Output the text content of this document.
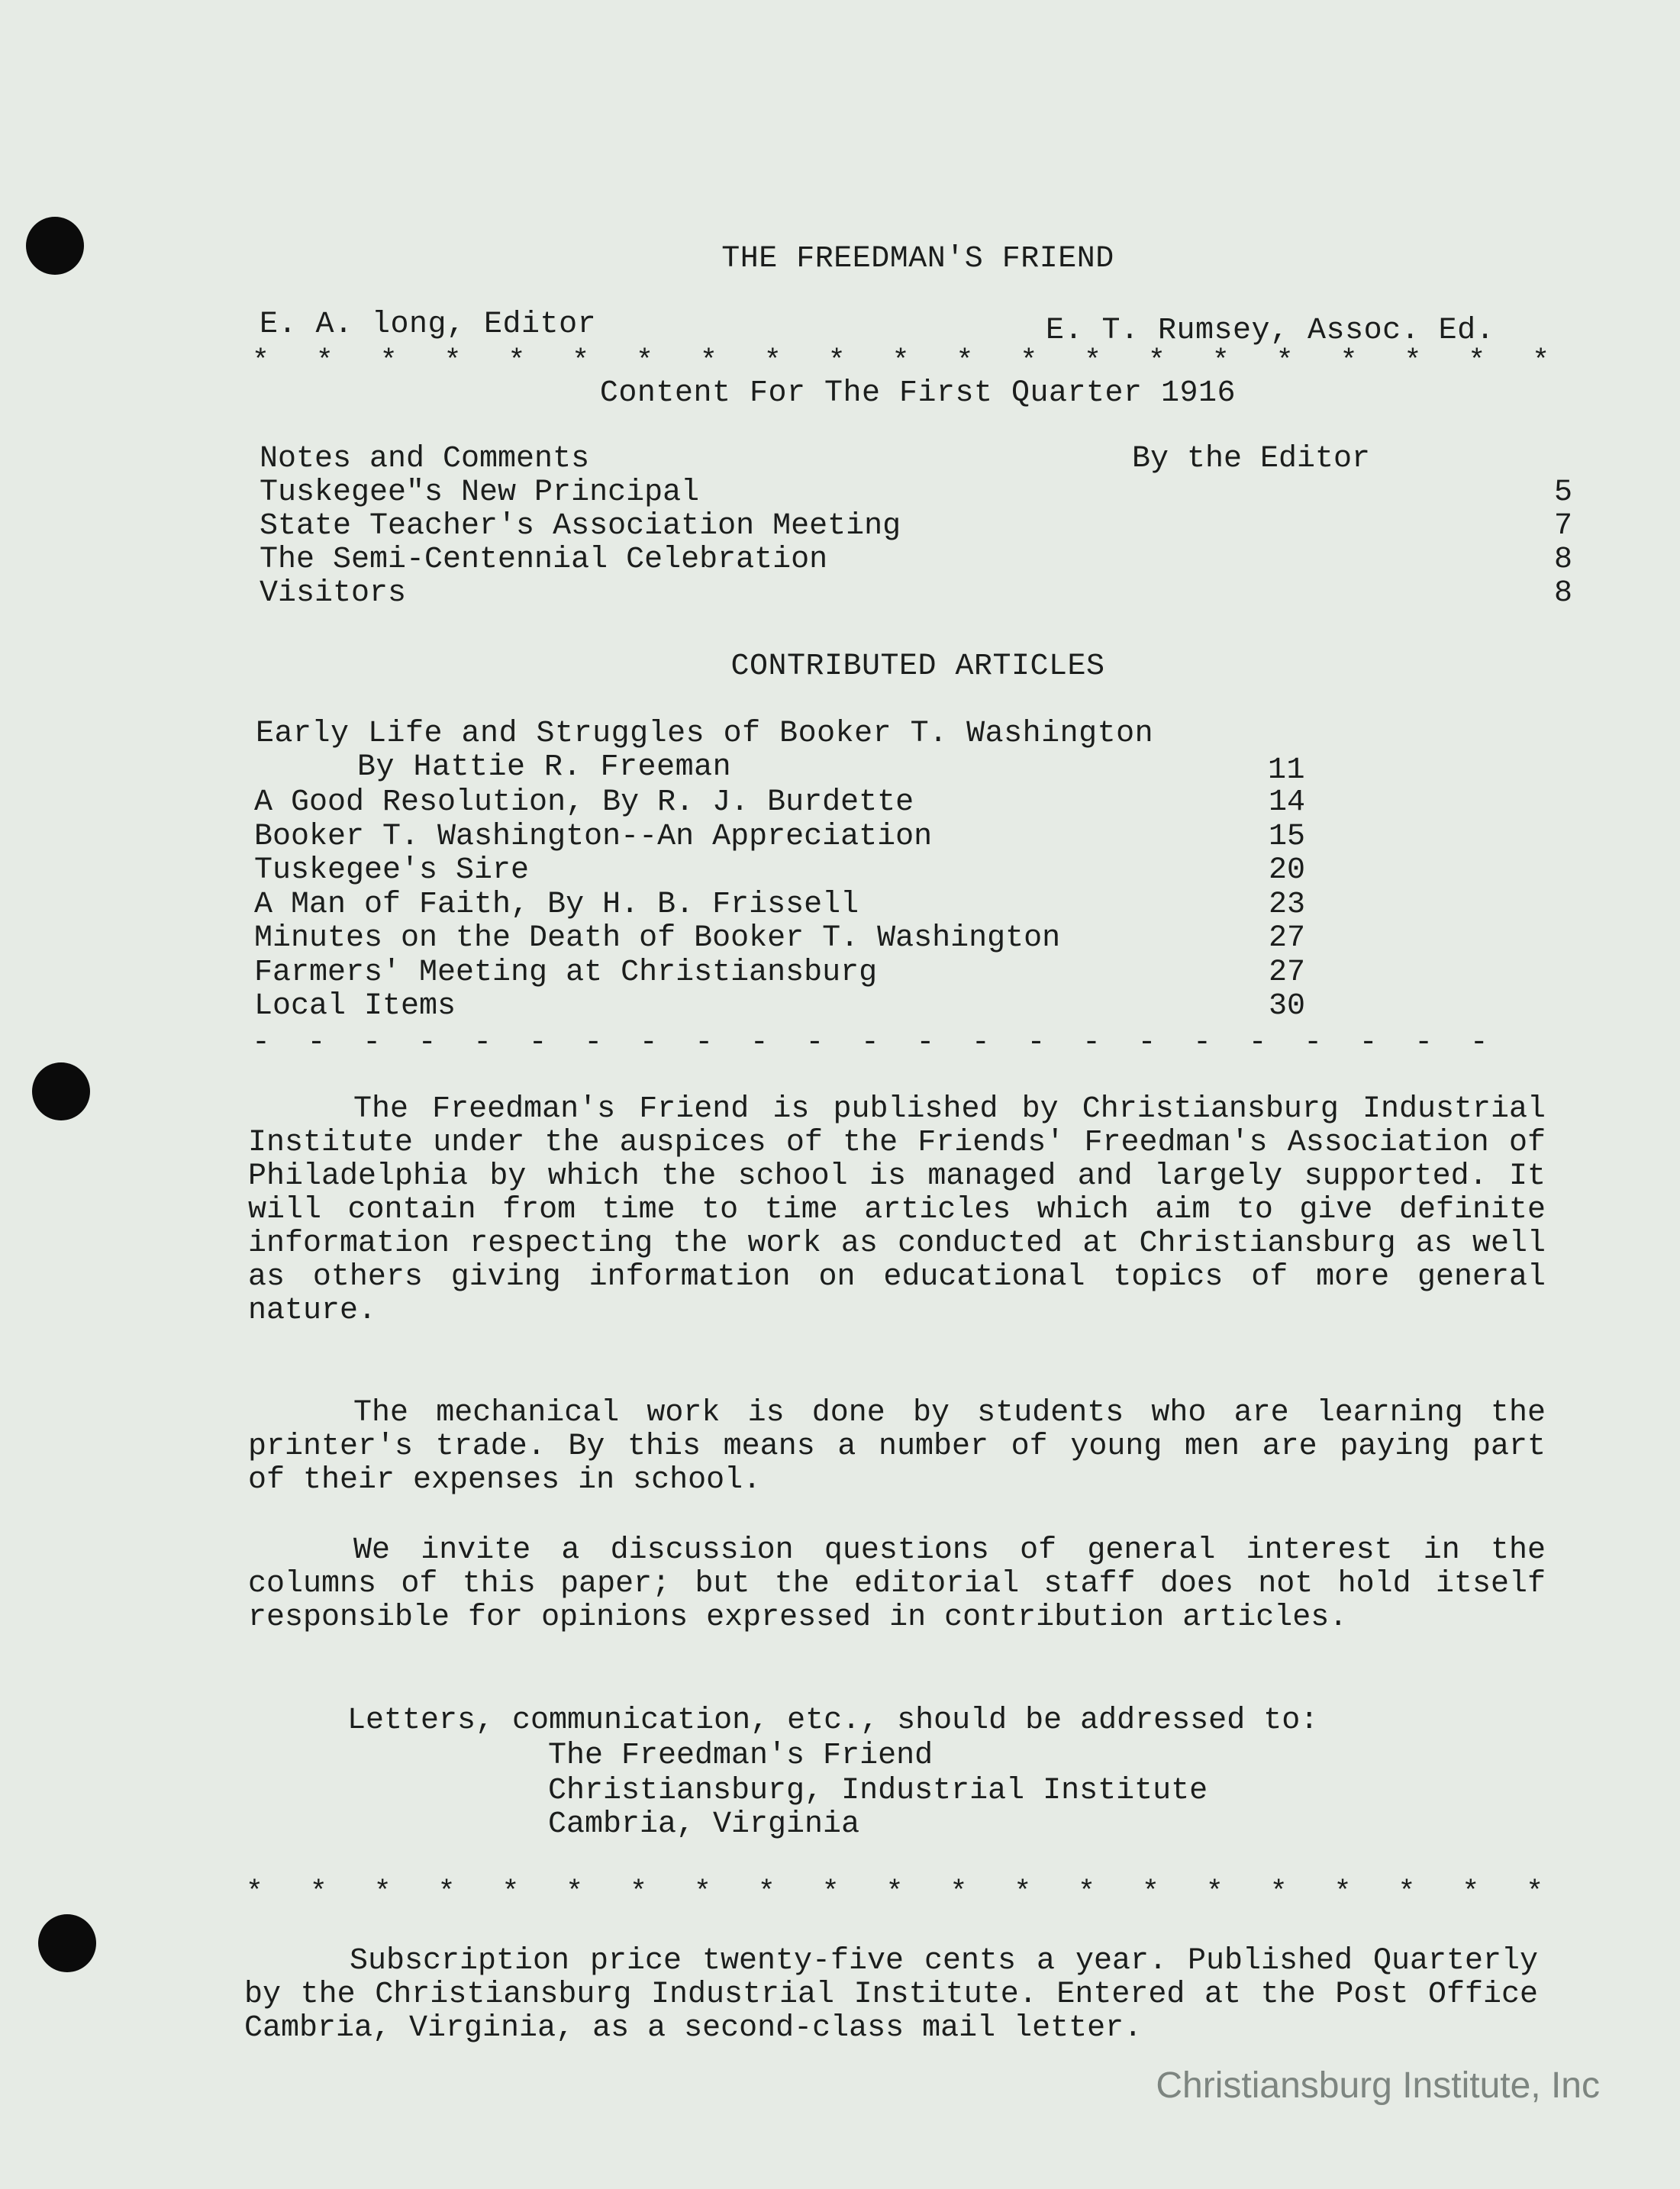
THE FREEDMAN'S FRIEND
E. A. long, Editor	E. T. Rumsey, Assoc. Ed.
* * * * * * * * * * * * * * * * * * * * *
Content For The First Quarter 1916
Notes and Comments	By the Editor
Tuskegee"s New Principal	5
State Teacher's Association Meeting	7
The Semi-Centennial Celebration	8
Visitors	8
CONTRIBUTED ARTICLES
Early Life and Struggles of Booker T. Washington
By Hattie R. Freeman	11
A Good Resolution, By R. J. Burdette	14
Booker T. Washington--An Appreciation	15
Tuskegee's Sire	20
A Man of Faith, By H. B. Frissell	23
Minutes on the Death of Booker T. Washington	27
Farmers' Meeting at Christiansburg	27
Local Items	30
- - - - - - - - - - - - - - - - - - - - - - -
The Freedman's Friend is published by Christiansburg Industrial Institute under the auspices of the Friends' Freedman's Association of Philadelphia by which the school is managed and largely supported. It will contain from time to time articles which aim to give definite information respecting the work as conducted at Christiansburg as well as others giving information on educational topics of more general nature.
The mechanical work is done by students who are learning the printer's trade. By this means a number of young men are paying part of their expenses in school.
We invite a discussion questions of general interest in the columns of this paper; but the editorial staff does not hold itself responsible for opinions expressed in contribution articles.
Letters, communication, etc., should be addressed to:
The Freedman's Friend
Christiansburg, Industrial Institute
Cambria, Virginia
* * * * * * * * * * * * * * * * * * * * *
Subscription price twenty-five cents a year. Published Quarterly by the Christiansburg Industrial Institute. Entered at the Post Office Cambria, Virginia, as a second-class mail letter.
Christiansburg Institute, Inc
